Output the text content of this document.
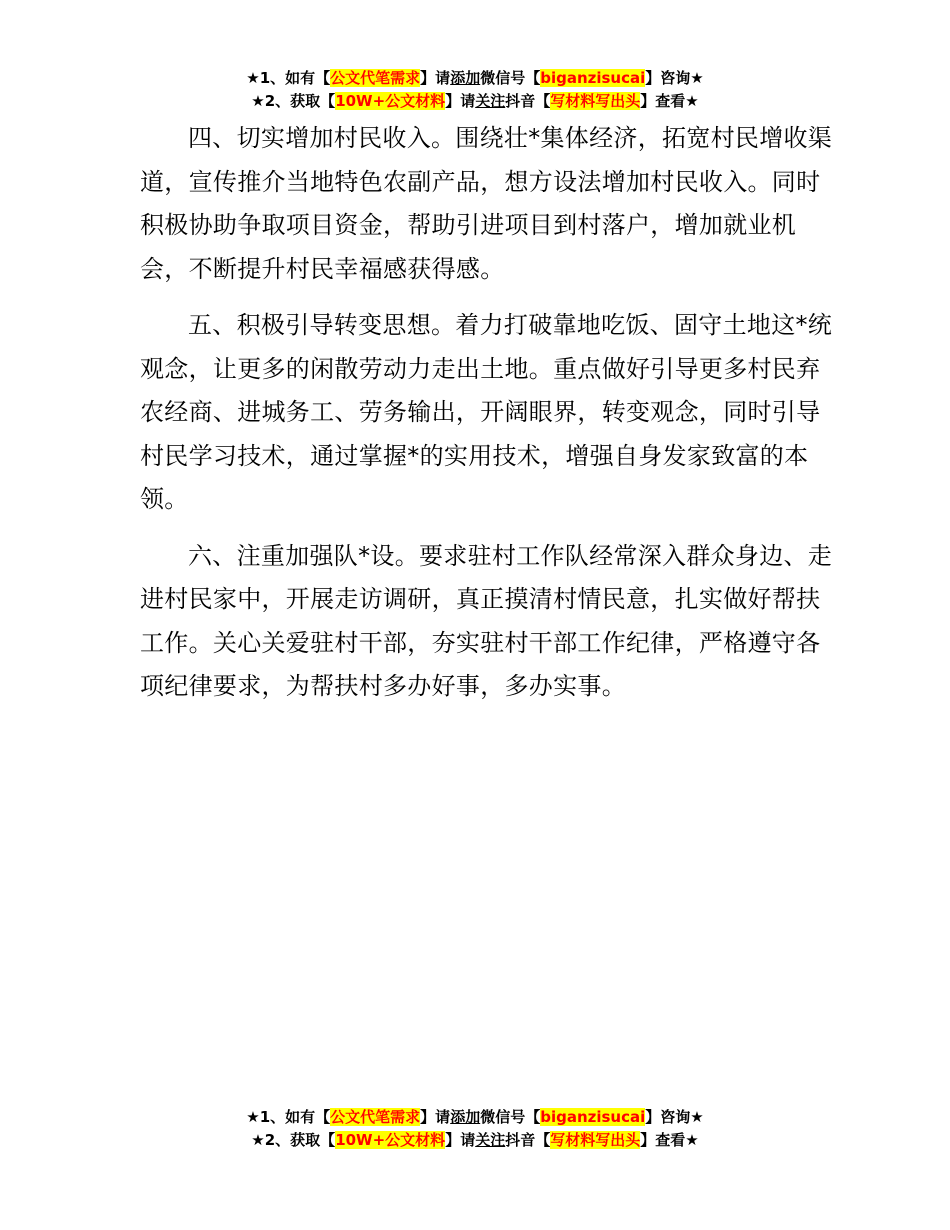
★1、如有【公文代笔需求】请添加微信号【biganzisucai】咨询★
★2、获取【10W+公文材料】请关注抖音【写材料写出头】查看★

四、切实增加村民收入。围绕壮*集体经济，拓宽村民增收渠道，宣传推介当地特色农副产品，想方设法增加村民收入。同时积极协助争取项目资金，帮助引进项目到村落户，增加就业机会，不断提升村民幸福感获得感。

五、积极引导转变思想。着力打破靠地吃饭、固守土地这*统观念，让更多的闲散劳动力走出土地。重点做好引导更多村民弃农经商、进城务工、劳务输出，开阔眼界，转变观念，同时引导村民学习技术，通过掌握*的实用技术，增强自身发家致富的本领。

六、注重加强队*设。要求驻村工作队经常深入群众身边、走进村民家中，开展走访调研，真正摸清村情民意，扎实做好帮扶工作。关心关爱驻村干部，夯实驻村干部工作纪律，严格遵守各项纪律要求，为帮扶村多办好事，多办实事。

★1、如有【公文代笔需求】请添加微信号【biganzisucai】咨询★
★2、获取【10W+公文材料】请关注抖音【写材料写出头】查看★
